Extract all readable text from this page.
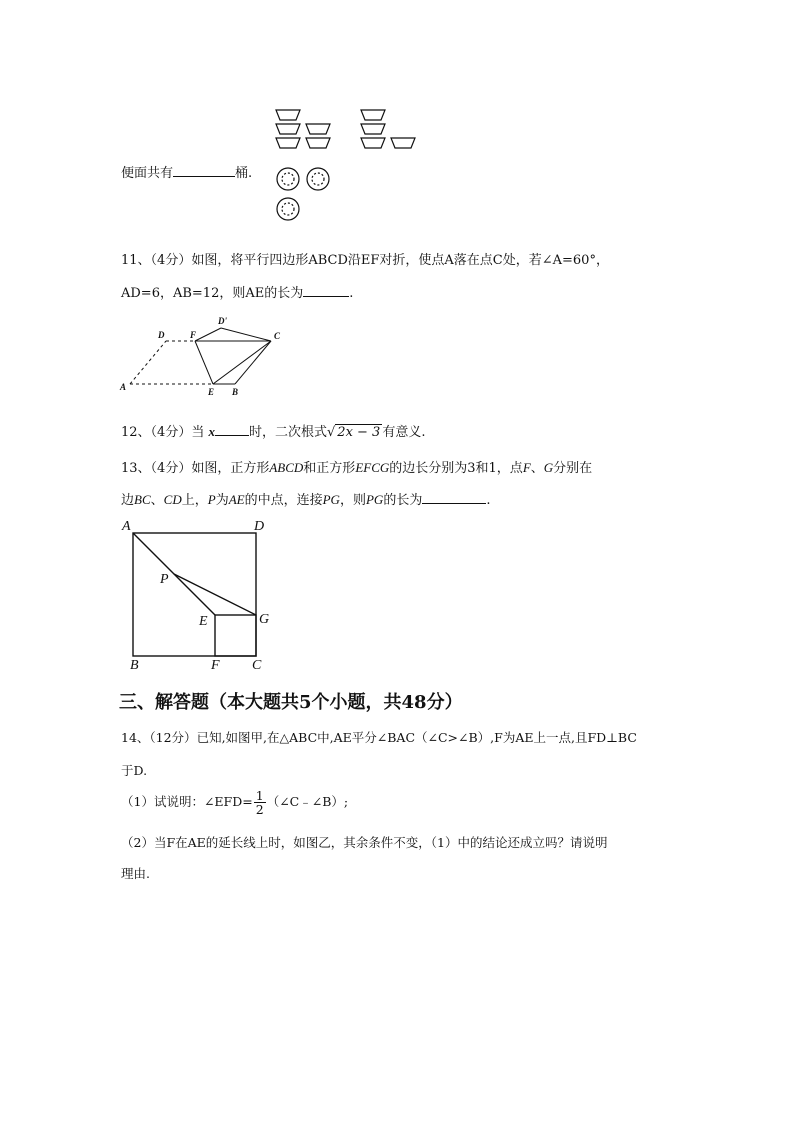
便面共有	桶.
11、（4分）如图，将平行四边形ABCD沿EF对折，使点A落在点C处，若∠A=60°，
AD=6，AB=12，则AE的长为	.
A
D	F
D'
C
E B
12、（4分）当 x	时，二次根式√ 2x − 3 有意义.
13、（4分）如图，正方形ABCD和正方形EFCG的边长分别为3和1，点F、G分别在
边BC、CD上，P为AE的中点，连接PG，则PG的长为	.
A	D
P
E	G
B	F C
三、解答题（本大题共5个小题，共48分）
14、（12分）已知,如图甲,在△ABC中,AE平分∠BAC（∠C>∠B）,F为AE上一点,且FD⊥BC
于D.
（1）试说明：∠EFD= $\frac{1}{2}$ （∠C﹣∠B）;
（2）当F在AE的延长线上时，如图乙，其余条件不变，（1）中的结论还成立吗？请说明
理由.
